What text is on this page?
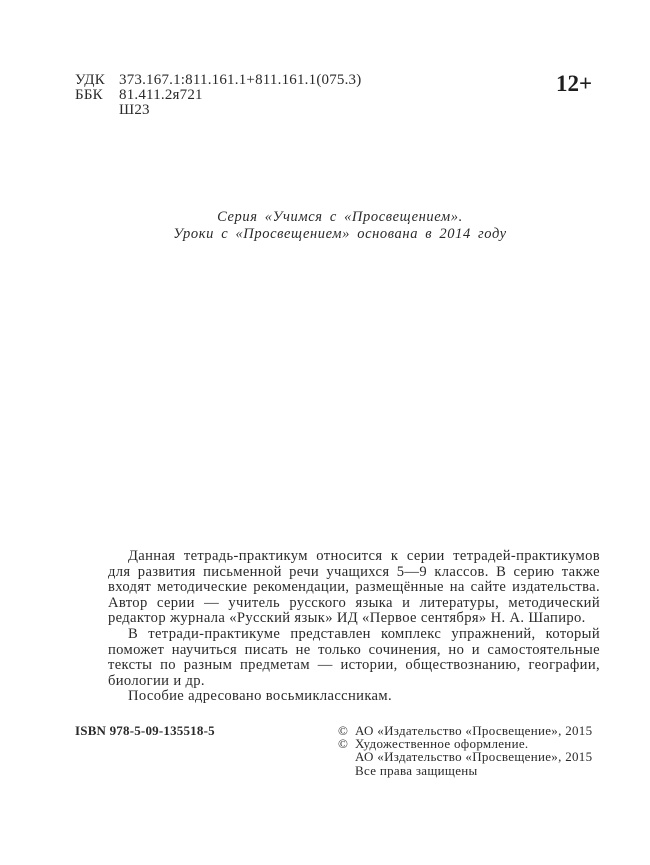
УДК 373.167.1:811.161.1+811.161.1(075.3)
ББК	81.411.2я721
Ш23
12+
Серия «Учимся с «Просвещением».
Уроки с «Просвещением» основана в 2014 году

Данная тетрадь-практикум относится к серии тетрадей-практикумов для развития письменной речи учащихся 5—9 классов. В серию также входят методические рекомендации, размещённые на сайте издательства. Автор серии — учитель русского языка и литературы, методический редактор журнала «Русский язык» ИД «Первое сентября» Н. А. Шапиро.

В тетради-практикуме представлен комплекс упражнений, который поможет научиться писать не только сочинения, но и самостоятельные тексты по разным предметам — истории, обществознанию, географии, биологии и др.

Пособие адресовано восьмиклассникам.

ISBN 978-5-09-135518-5	© АО «Издательство «Просвещение», 2015
© Художественное оформление.
АО «Издательство «Просвещение», 2015
Все права защищены
